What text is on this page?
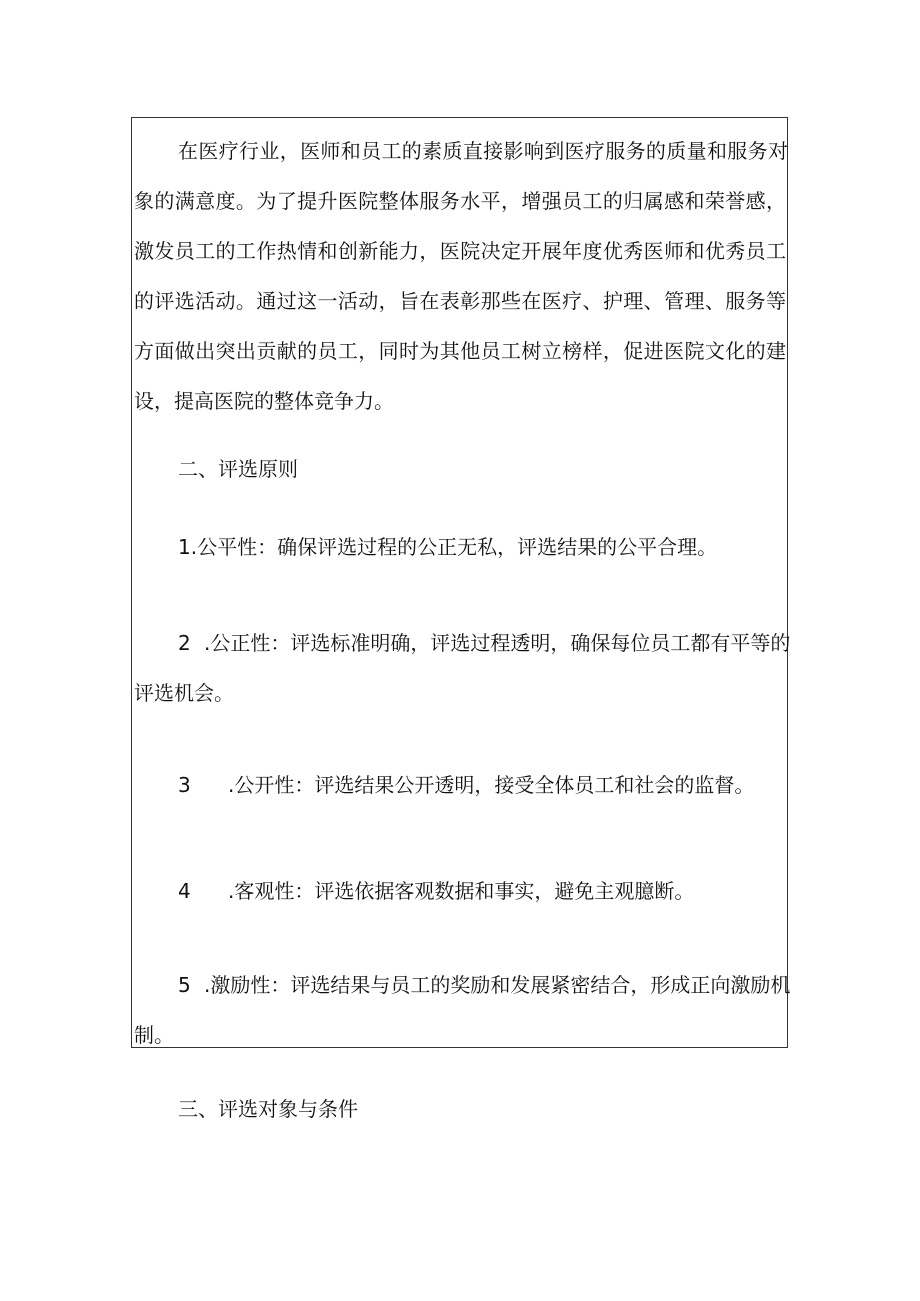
在医疗行业，医师和员工的素质直接影响到医疗服务的质量和服务对
象的满意度。为了提升医院整体服务水平，增强员工的归属感和荣誉感，
激发员工的工作热情和创新能力，医院决定开展年度优秀医师和优秀员工
的评选活动。通过这一活动，旨在表彰那些在医疗、护理、管理、服务等
方面做出突出贡献的员工，同时为其他员工树立榜样，促进医院文化的建
设，提高医院的整体竞争力。
二、评选原则
1.公平性：确保评选过程的公正无私，评选结果的公平合理。
2 .公正性：评选标准明确，评选过程透明，确保每位员工都有平等的
评选机会。
3 .公开性：评选结果公开透明，接受全体员工和社会的监督。
4 .客观性：评选依据客观数据和事实，避免主观臆断。
5 .激励性：评选结果与员工的奖励和发展紧密结合，形成正向激励机
制。
三、评选对象与条件
